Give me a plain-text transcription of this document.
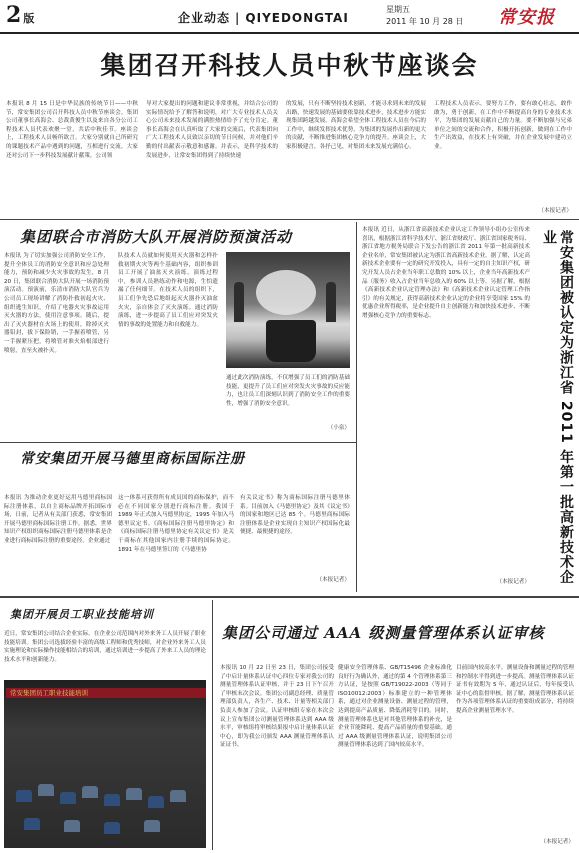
2 版	企业动态 | QIYEDONGTAI
星期五
2011 年 10 月 28 日 常安报
集团召开科技人员中秋节座谈会
本报讯 8 月 15 日是中华民族的传统节日——中秋节，常安集团公司召开科技人员中秋节座谈会。集团公司董事长高海会、总裁黄俊生以及来自各分公司工程技术人员代表欢聚一堂，共话中秋佳节。座谈会上，工程技术人员畅所欲言。大家分别就自己所研究的课题技术产品中遇到的问题，互相进行交流。大家还对公司下一步科技发展献计献策。公司领
导对大家提出的问题和建议非常重视，并结合公司的实际情况给予了解答和说明，对广大专业技术人员关心公司未来技术发展的满腔热情给予了充分肯定。董事长高海会在认真听取了大家的交流后，代表集团向广大工程技术人员致以亲切的节日问候，并对他们辛勤的付出献表示敬意和感谢。并表示，是科学技术的发展进步，让常安集团得到了持续快速
的发展，只有不断坚持技术创新，才能寻求到未来的发展出路，快速发展的基础要依靠技术进步，技术进步方能实现集团跨越发展。高海会希望全体工程技术人员在今后的工作中，继续发挥技术优势，为集团的发展作出新的更大的贡献，不断推进集团核心竞争力的提升。座谈会上，大家积极建言，各抒己见，对集团未来发展充满信心。
工程技术人员表示，要努力工作，要有敢心壮志，敢作敢为，勇于创新，在工作中不断提高自身的专业技术水平，为集团的发展贡献自己的力量。要不断加强与兄弟单位之间的交流和合作，积极开拓创新，做到在工作中生产出效益，在技术上有突破，并在企业发展中建功立业。
（本报记者）
集团联合市消防大队开展消防预演活动
本报讯 为了切实加强公司消防安全工作，提升全体员工的消防安全意识和应急处理能力，预防和减少火灾事故的发生，8 月 20 日，集团联合消防大队开展一场消防预演活动。预演前，乐清市消防大队官兵为公司员工现场讲解了消防扑救初起火灾、组织逃生知识，介绍了电器火灾事故运用灭火器的方法，使用注意事项。随后，提出了灭火器材在火场上的使用，除掉灭火器铅封，拔下保险销，一手握着喷管，另一手握紧压把，将喷管对准火焰根部进行喷射，直至火被扑灭。
队技术人员就如何使用灭火器和怎样扑救初期火灾等两个基础内容，组织参训员工开展了油盆灭火演练。演练过程中，参训人员熟练动作和电源，生怕遗漏了任何细节。在技术人员的组织下，员工们争先恐后地组起灭火器扑灭油盆火灾，亲自体会了灭火演练。通过消防演练，进一步提高了员工们应对突发火情的事故的处置能力和自救能力。
通过此次消防演练，不仅增强了员工们的消防基础技能，更提升了员工们应对突发火灾事故的反应能力，也让员工们深刻认识到了消防安全工作的重要性，增强了消防安全意识。
（小泉）
本报讯 近日，从浙江省高新技术企业认定工作领导小组办公室传来喜讯，根据浙江省科学技术厅、浙江省财政厅、浙江省国家税务局、浙江省地方税务局联合下发公告的浙江省 2011 年第一批高新技术企业名单，常安集团被认定为浙江省高新技术企业。据了解，认定高新技术企业要有一定的研究开发投入，具有一定的自主知识产权，研究开发人员占企业当年职工总数的 10% 以上，企业当年高新技术产品（服务）收入占企业当年总收入的 60% 以上等。另据了解，根据《高新技术企业认定管理办法》和《高新技术企业认定管理工作指引》的有关规定，获得高新技术企业认定的企业将享受国家 15% 的优惠企业所得税率，是企业提升自主创新能力和加快技术进步、不断增强核心竞争力的重要标志。
（本报记者）	常安集团被认定为浙江省 2011 年第一批高新技术企业
常安集团开展马德里商标国际注册
本报讯 为推动企业更好运用马德里商标国际注册体系，以自主商标品牌开拓国际市场，日前，记者从有关部门获悉，常安集团开展马德里商标国际注册工作。据悉，世界知识产权组织商标国际注册马德里体系是企业进行商标国际注册的重要途径。企业通过
这一体系可获得所有成员国的商标保护，而不必在不同国家分别进行商标注册。我国于 1989 年正式加入马德里协定，1995 年加入马德里议定书。《商标国际注册马德里协定》和《商标国际注册马德里协定有关议定书》是关于商标在其他国家内注册手续的国际协定。1891 年在马德里签订的《马德里协
有关议定书》称为商标国际注册马德里体系。目前加入《马德里协定》及其《议定书》的国家和地区已达 85 个。马德里商标国际注册体系是企业实现自主知识产权国际化最便捷、最便捷的途径。
（本报记者）
集团开展员工职业技能培训
近日，常安集团公司结合企业实际，在企业公司范围内对外来务工人员开展了职业技能培训。集团公司选拔经验丰富的高级工程师和优秀技师，对企业外来务工人员实施理论和实际操作技能相结合的培训，通过培训进一步提高了外来工人员的理论技术水平和创新能力。
常安集团员工职业技能培训
集团公司通过 AAA 级测量管理体系认证审核
本报讯 10 月 22 日至 23 日，集团公司接受了中启计量体系认证中心四位专家对我公司的测量管理体系认证审核，并于 23 日下午召开了审核末次会议。集团公司副总经理、质量管理部负责人，各生产、技术、计量等相关部门负责人参加了会议。认证审核组专家在本次会议上宣布集团公司测量管理体系达到 AAA 级水平，审核组将审核结果报中启计量体系认证中心，即为我公司颁发 AAA 测量管理体系认证证书。
健康安全管理体系、GB/T15496 企业标准化良好行为确认外，通过的第 4 个管理体系第三方认证，是按照 GB/T19022-2003（等同于 ISO10012:2003）标准建立的一种管理体系，通过对企业测量设备、测量过程的管理，达到提高产品质量、降低消耗等目的。同时，测量管理体系也是对其他管理体系的补充，是企业节能降耗、提高产品质量的重要基础。通过 AAA 级测量管理体系认证，说明集团公司测量管理体系达到了国内较高水平。
目前国内较高水平，测量设备和测量过程的管理和控制水平得到进一步提高。测量管理体系认证证书有效期为 5 年，通过认证后，每年接受认证中心的监督审核。据了解，测量管理体系认证作为各项管理体系认证的重要组成部分，将持续提高企业测量管理水平。
（本报记者）
